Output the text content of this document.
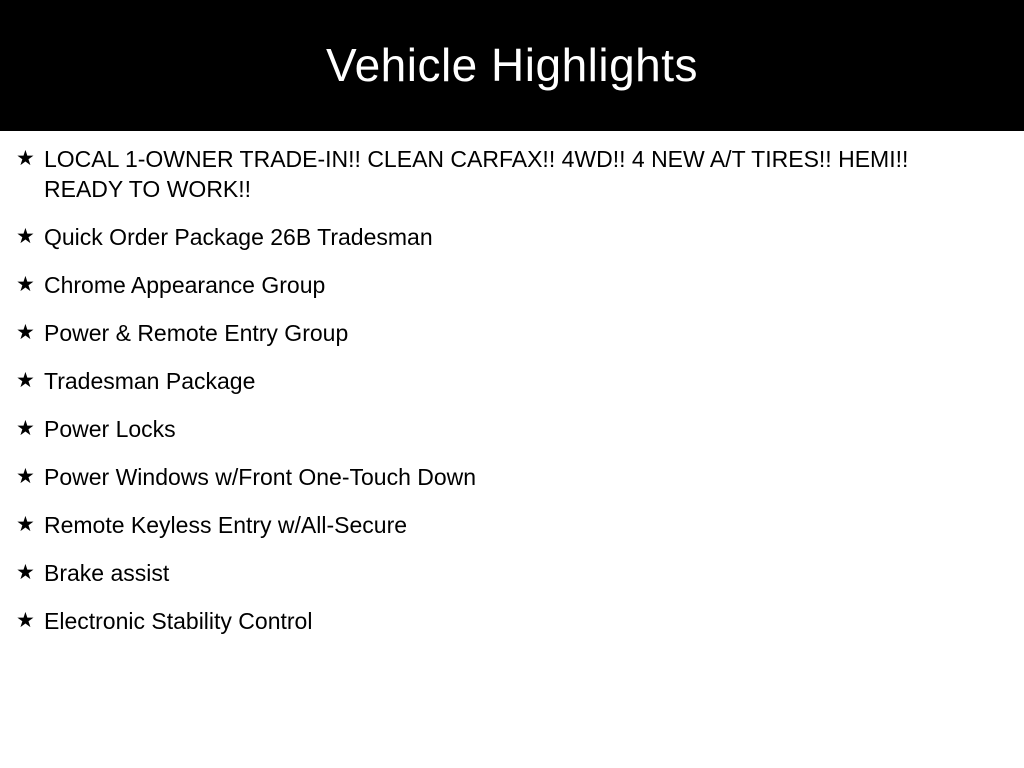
Vehicle Highlights
★ LOCAL 1-OWNER TRADE-IN!! CLEAN CARFAX!! 4WD!! 4 NEW A/T TIRES!! HEMI!! READY TO WORK!!
★ Quick Order Package 26B Tradesman
★ Chrome Appearance Group
★ Power & Remote Entry Group
★ Tradesman Package
★ Power Locks
★ Power Windows w/Front One-Touch Down
★ Remote Keyless Entry w/All-Secure
★ Brake assist
★ Electronic Stability Control
